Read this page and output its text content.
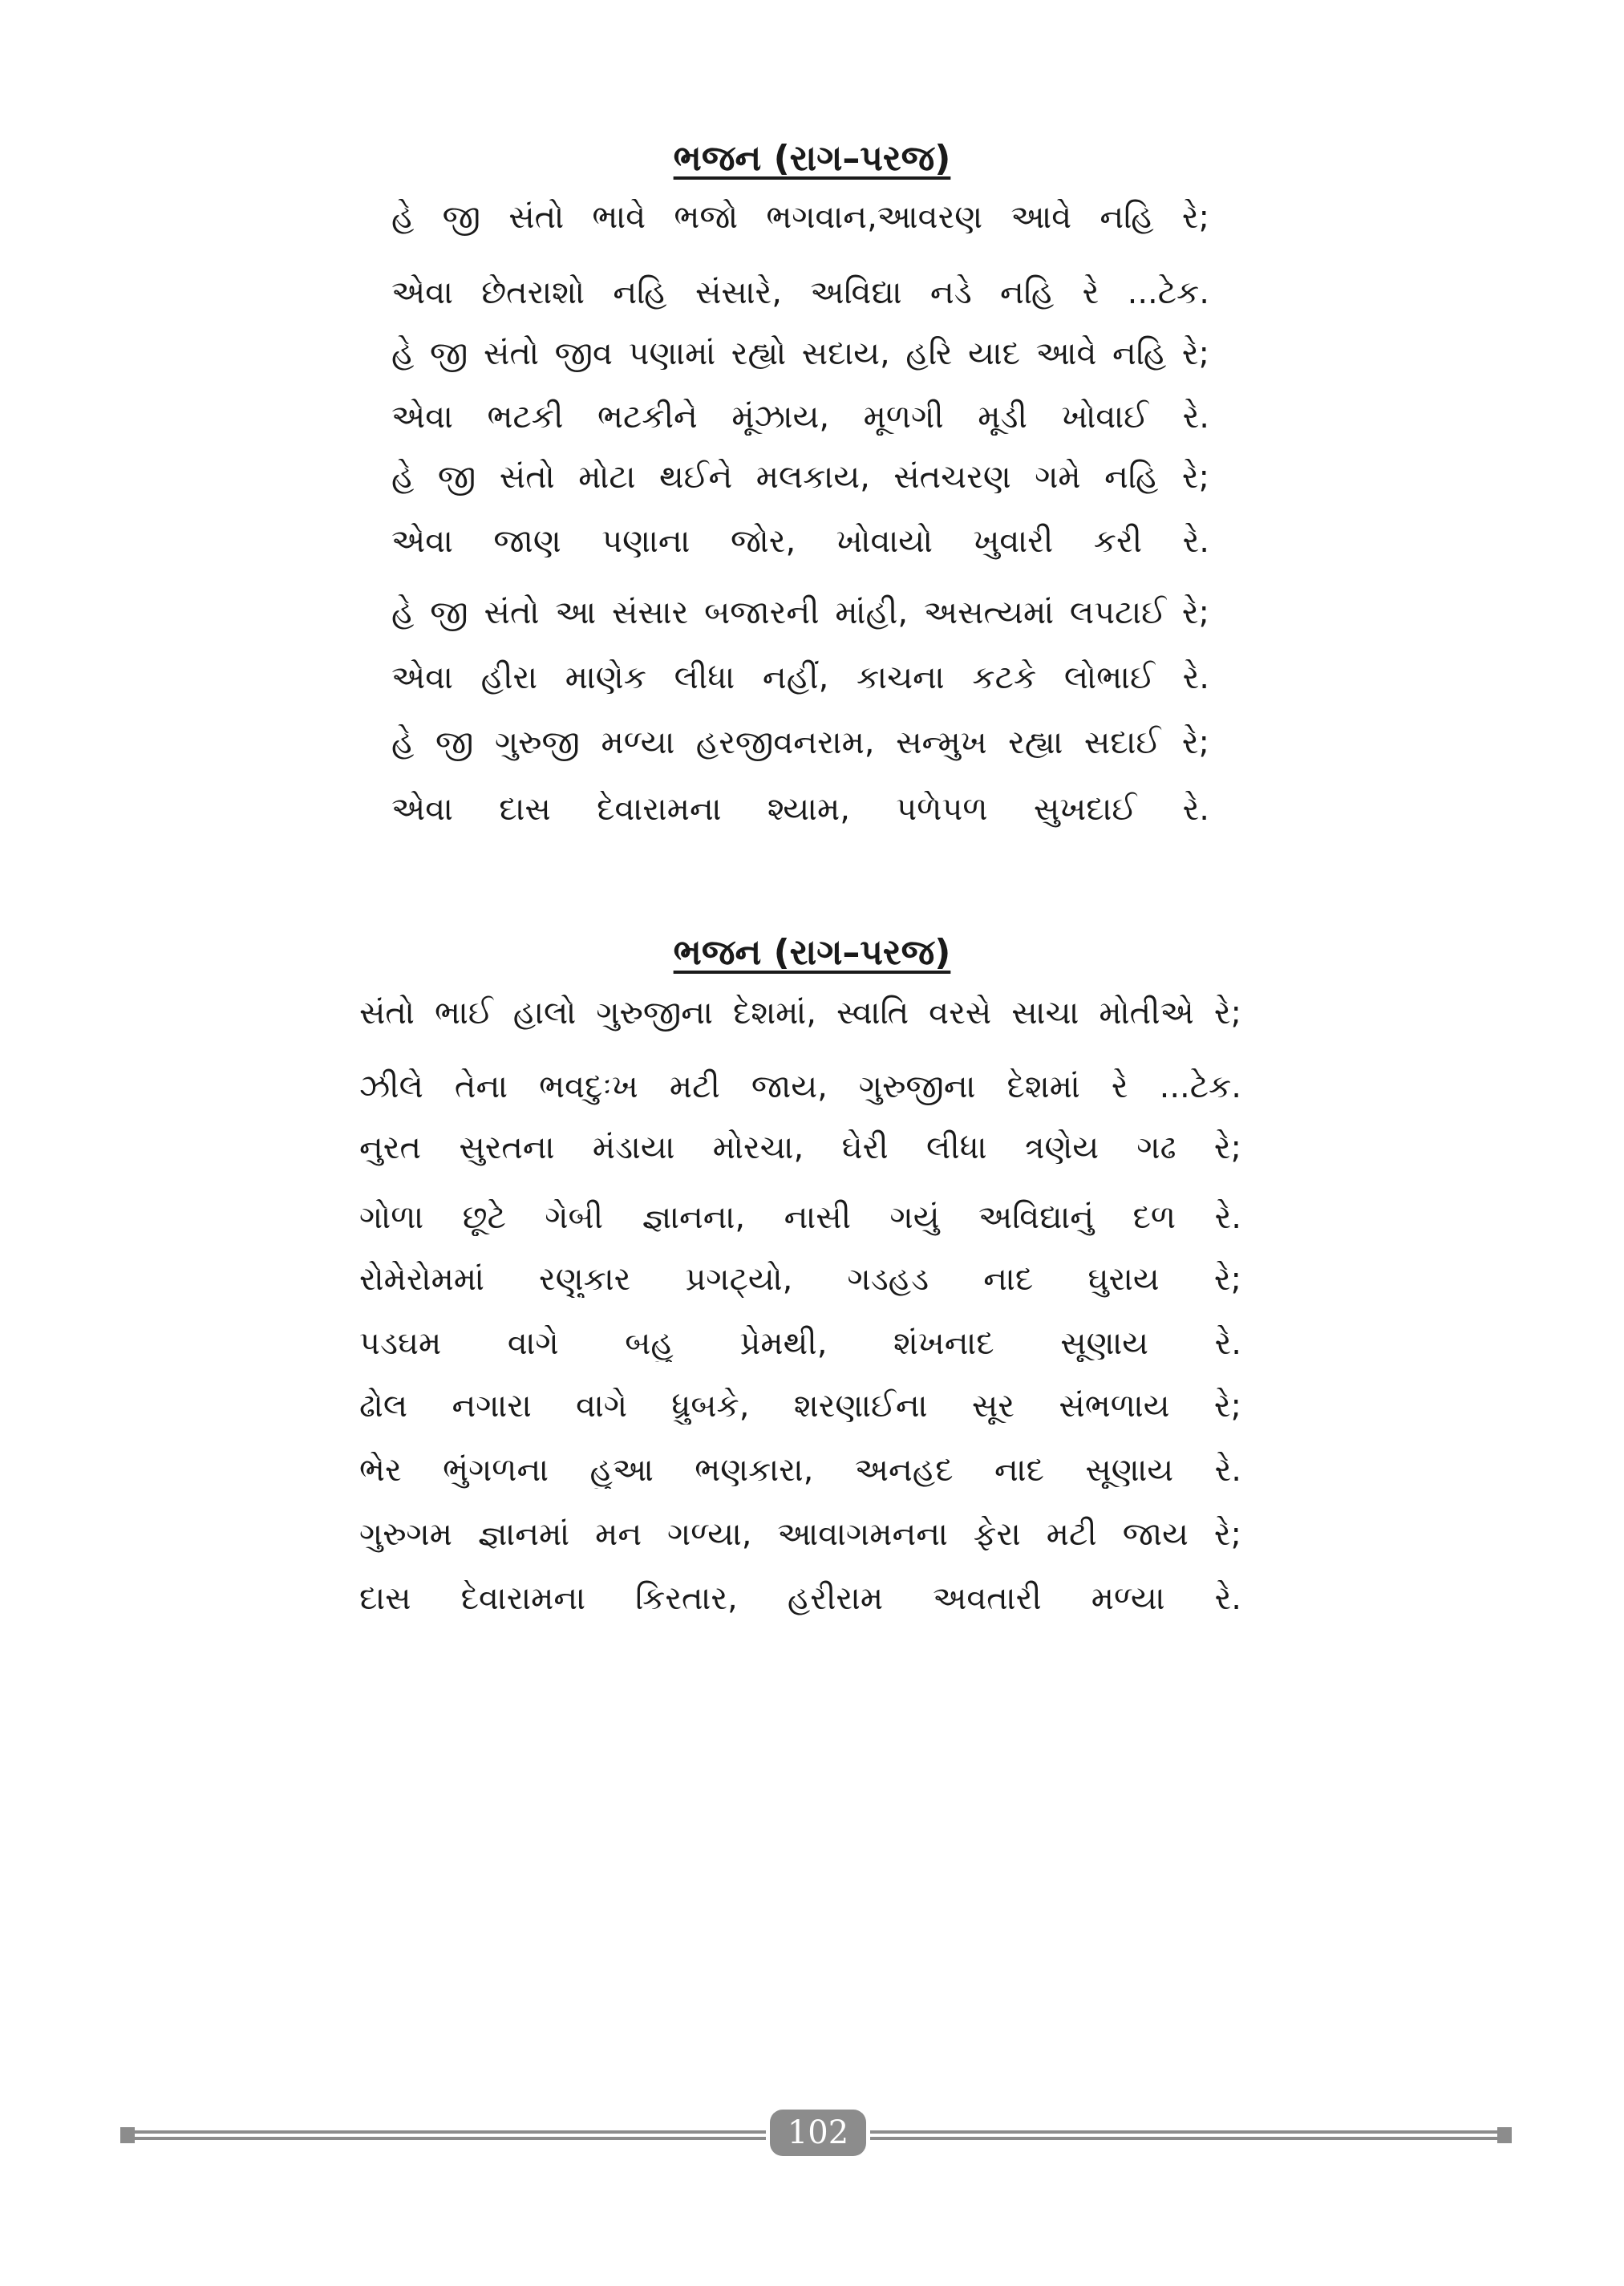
ભજન (રાગ–પરજ)
હે જી સંતો ભાવે ભજો ભગવાન,આવરણ આવે નહિ રે;
એવા છેતરાશો નહિ સંસારે, અવિદ્યા નડે નહિ રે ...ટેક.
હે જી સંતો જીવ પણામાં રહ્યો સદાય, હરિ યાદ આવે નહિ રે;
એવા ભટકી ભટકીને મૂંઝાય, મૂળગી મૂડી ખોવાઈ રે.
હે જી સંતો મોટા થઈને મલકાય, સંતચરણ ગમે નહિ રે;
એવા જાણ પણાના જોર, ખોવાયો ખુવારી કરી રે.
હે જી સંતો આ સંસાર બજારની માંહી, અસત્યમાં લપટાઈ રે;
એવા હીરા માણેક લીધા નહીં, કાચના કટકે લોભાઈ રે.
હે જી ગુરુજી મળ્યા હરજીવનરામ, સન્મુખ રહ્યા સદાઈ રે;
એવા દાસ દેવારામના શ્યામ, પળેપળ સુખદાઈ રે.
ભજન (રાગ–પરજ)
સંતો ભાઈ હાલો ગુરુજીના દેશમાં, સ્વાતિ વરસે સાચા મોતીએ રે;
ઝીલે તેના ભવદુઃખ મટી જાય, ગુરુજીના દેશમાં રે ...ટેક.
નુરત સુરતના મંડાયા મોરચા, ઘેરી લીધા ત્રણેય ગઢ રે;
ગોળા છૂટે ગેબી જ્ઞાનના, નાસી ગયું અવિદ્યાનું દળ રે.
રોમેરોમમાં રણુકાર પ્રગટ્યો, ગડહડ નાદ ઘુરાય રે;
પડઘમ વાગે બહુ પ્રેમથી, શંખનાદ સૂણાય રે.
ઢોલ નગારા વાગે ધ્રુબકે, શરણાઈના સૂર સંભળાય રે;
ભેર ભુંગળના હુઆ ભણકારા, અનહદ નાદ સૂણાય રે.
ગુરુગમ જ્ઞાનમાં મન ગળ્યા, આવાગમનના ફેરા મટી જાય રે;
દાસ દેવારામના કિરતાર, હરીરામ અવતારી મળ્યા રે.
102
